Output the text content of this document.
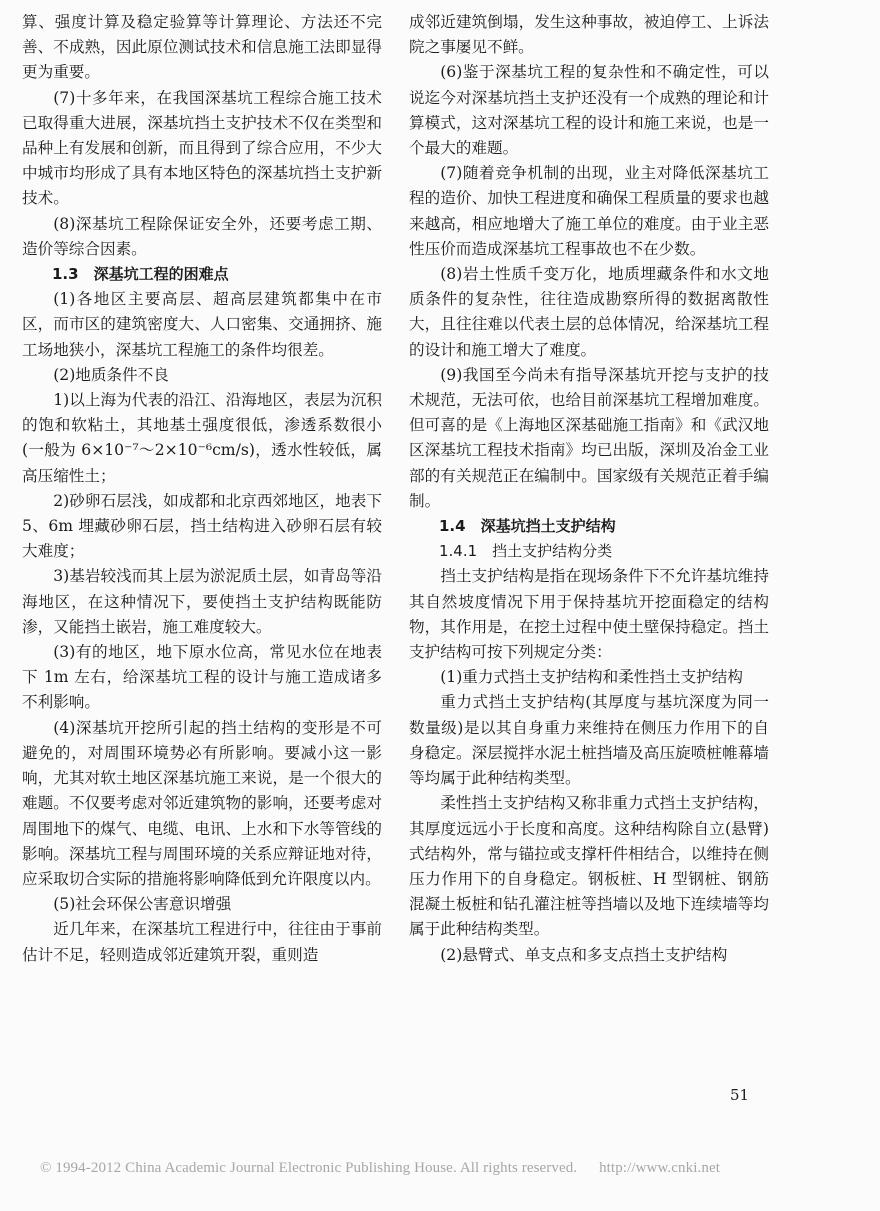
算、强度计算及稳定验算等计算理论、方法还不完善、不成熟，因此原位测试技术和信息施工法即显得更为重要。

(7)十多年来，在我国深基坑工程综合施工技术已取得重大进展，深基坑挡土支护技术不仅在类型和品种上有发展和创新，而且得到了综合应用，不少大中城市均形成了具有本地区特色的深基坑挡土支护新技术。

(8)深基坑工程除保证安全外，还要考虑工期、造价等综合因素。

1.3　深基坑工程的困难点

(1)各地区主要高层、超高层建筑都集中在市区，而市区的建筑密度大、人口密集、交通拥挤、施工场地狭小，深基坑工程施工的条件均很差。

(2)地质条件不良

1)以上海为代表的沿江、沿海地区，表层为沉积的饱和软粘土，其地基土强度很低，渗透系数很小(一般为 6×10⁻⁷～2×10⁻⁶cm/s)，透水性较低，属高压缩性土；

2)砂卵石层浅，如成都和北京西郊地区，地表下 5、6m 埋藏砂卵石层，挡土结构进入砂卵石层有较大难度；

3)基岩较浅而其上层为淤泥质土层，如青岛等沿海地区，在这种情况下，要使挡土支护结构既能防渗，又能挡土嵌岩，施工难度较大。

(3)有的地区，地下原水位高，常见水位在地表下 1m 左右，给深基坑工程的设计与施工造成诸多不利影响。

(4)深基坑开挖所引起的挡土结构的变形是不可避免的，对周围环境势必有所影响。要减小这一影响，尤其对软土地区深基坑施工来说，是一个很大的难题。不仅要考虑对邻近建筑物的影响，还要考虑对周围地下的煤气、电缆、电讯、上水和下水等管线的影响。深基坑工程与周围环境的关系应辩证地对待，应采取切合实际的措施将影响降低到允许限度以内。

(5)社会环保公害意识增强

近几年来，在深基坑工程进行中，往往由于事前估计不足，轻则造成邻近建筑开裂，重则造

成邻近建筑倒塌，发生这种事故，被迫停工、上诉法院之事屡见不鲜。

(6)鉴于深基坑工程的复杂性和不确定性，可以说迄今对深基坑挡土支护还没有一个成熟的理论和计算模式，这对深基坑工程的设计和施工来说，也是一个最大的难题。

(7)随着竞争机制的出现，业主对降低深基坑工程的造价、加快工程进度和确保工程质量的要求也越来越高，相应地增大了施工单位的难度。由于业主恶性压价而造成深基坑工程事故也不在少数。

(8)岩土性质千变万化，地质埋藏条件和水文地质条件的复杂性，往往造成勘察所得的数据离散性大，且往往难以代表土层的总体情况，给深基坑工程的设计和施工增大了难度。

(9)我国至今尚未有指导深基坑开挖与支护的技术规范，无法可依，也给目前深基坑工程增加难度。但可喜的是《上海地区深基础施工指南》和《武汉地区深基坑工程技术指南》均已出版，深圳及冶金工业部的有关规范正在编制中。国家级有关规范正着手编制。

1.4　深基坑挡土支护结构

1.4.1　挡土支护结构分类

挡土支护结构是指在现场条件下不允许基坑维持其自然坡度情况下用于保持基坑开挖面稳定的结构物，其作用是，在挖土过程中使土壁保持稳定。挡土支护结构可按下列规定分类：

(1)重力式挡土支护结构和柔性挡土支护结构

重力式挡土支护结构(其厚度与基坑深度为同一数量级)是以其自身重力来维持在侧压力作用下的自身稳定。深层搅拌水泥土桩挡墙及高压旋喷桩帷幕墙等均属于此种结构类型。

柔性挡土支护结构又称非重力式挡土支护结构，其厚度远远小于长度和高度。这种结构除自立(悬臂)式结构外，常与锚拉或支撑杆件相结合，以维持在侧压力作用下的自身稳定。钢板桩、H 型钢桩、钢筋混凝土板桩和钻孔灌注桩等挡墙以及地下连续墙等均属于此种结构类型。

(2)悬臂式、单支点和多支点挡土支护结构

51
© 1994-2012 China Academic Journal Electronic Publishing House. All rights reserved. http://www.cnki.net
